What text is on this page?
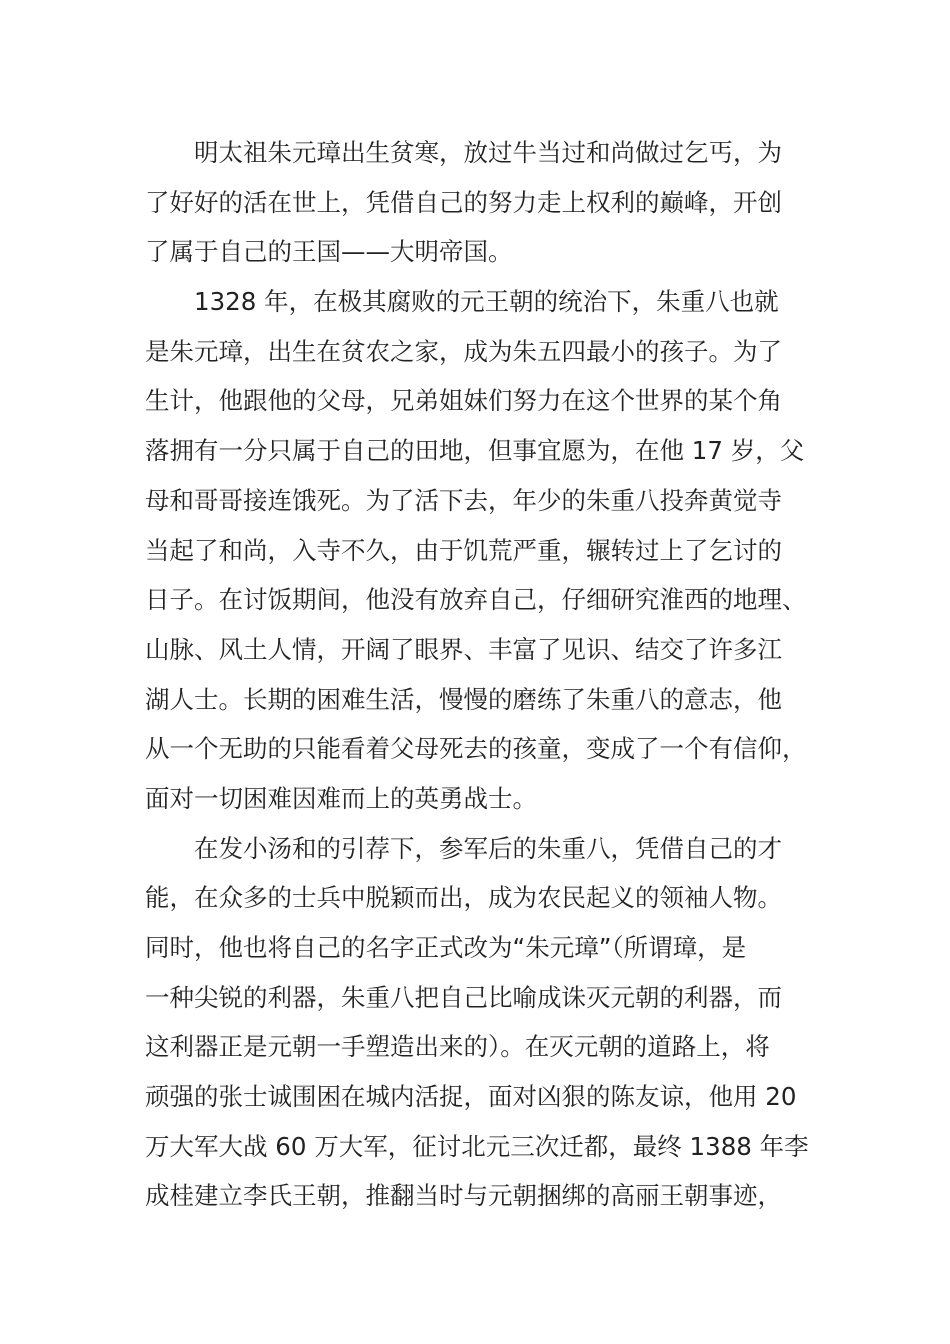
明太祖朱元璋出生贫寒，放过牛当过和尚做过乞丐，为
了好好的活在世上，凭借自己的努力走上权利的巅峰，开创
了属于自己的王国——大明帝国。
1328 年，在极其腐败的元王朝的统治下，朱重八也就
是朱元璋，出生在贫农之家，成为朱五四最小的孩子。为了
生计，他跟他的父母，兄弟姐妹们努力在这个世界的某个角
落拥有一分只属于自己的田地，但事宜愿为，在他 17 岁，父
母和哥哥接连饿死。为了活下去，年少的朱重八投奔黄觉寺
当起了和尚，入寺不久，由于饥荒严重，辗转过上了乞讨的
日子。在讨饭期间，他没有放弃自己，仔细研究淮西的地理、
山脉、风土人情，开阔了眼界、丰富了见识、结交了许多江
湖人士。长期的困难生活，慢慢的磨练了朱重八的意志，他
从一个无助的只能看着父母死去的孩童，变成了一个有信仰，
面对一切困难因难而上的英勇战士。
在发小汤和的引荐下，参军后的朱重八，凭借自己的才
能，在众多的士兵中脱颖而出，成为农民起义的领袖人物。
同时，他也将自己的名字正式改为“朱元璋”（所谓璋，是
一种尖锐的利器，朱重八把自己比喻成诛灭元朝的利器，而
这利器正是元朝一手塑造出来的）。在灭元朝的道路上，将
顽强的张士诚围困在城内活捉，面对凶狠的陈友谅，他用 20
万大军大战 60 万大军，征讨北元三次迁都，最终 1388 年李
成桂建立李氏王朝，推翻当时与元朝捆绑的高丽王朝事迹，
